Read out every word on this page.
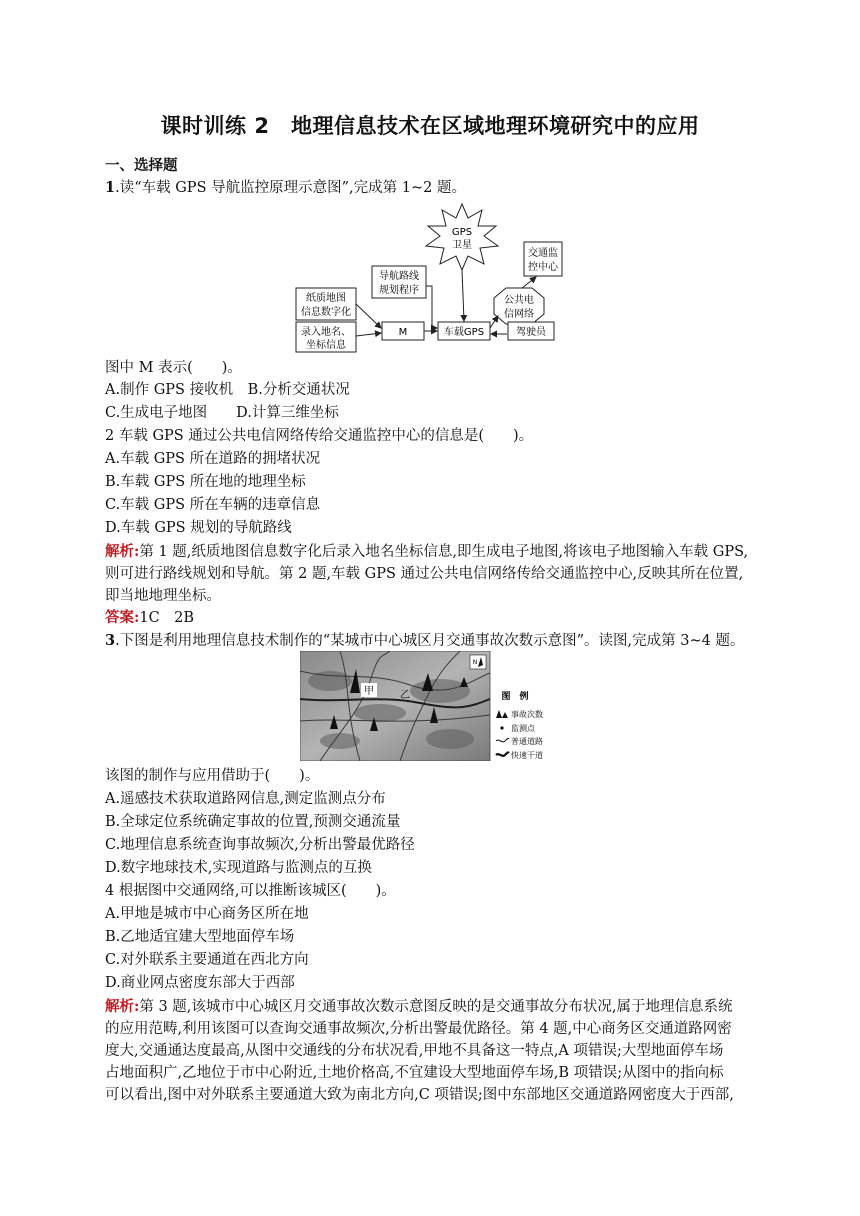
课时训练 2　地理信息技术在区域地理环境研究中的应用
一、选择题
1.读“车载 GPS 导航监控原理示意图”,完成第 1~2 题。
GPS
卫星
交通监
控中心
导航路线
规划程序
纸质地图
信息数字化
录入地名、
坐标信息
M	车载GPS
公共电
信网络
驾驶员
图中 M 表示(　　)。
A.制作 GPS 接收机　B.分析交通状况
C.生成电子地图　　D.计算三维坐标
2 车载 GPS 通过公共电信网络传给交通监控中心的信息是(　　)。
A.车载 GPS 所在道路的拥堵状况
B.车载 GPS 所在地的地理坐标
C.车载 GPS 所在车辆的违章信息
D.车载 GPS 规划的导航路线
解析:第 1 题,纸质地图信息数字化后录入地名坐标信息,即生成电子地图,将该电子地图输入车载 GPS,
则可进行路线规划和导航。第 2 题,车载 GPS 通过公共电信网络传给交通监控中心,反映其所在位置,
即当地地理坐标。
答案:1C　2B
3.下图是利用地理信息技术制作的“某城市中心城区月交通事故次数示意图”。读图,完成第 3~4 题。
甲	乙
N
图　例
事故次数
监测点
普通道路
快速干道
该图的制作与应用借助于(　　)。
A.遥感技术获取道路网信息,测定监测点分布
B.全球定位系统确定事故的位置,预测交通流量
C.地理信息系统查询事故频次,分析出警最优路径
D.数字地球技术,实现道路与监测点的互换
4 根据图中交通网络,可以推断该城区(　　)。
A.甲地是城市中心商务区所在地
B.乙地适宜建大型地面停车场
C.对外联系主要通道在西北方向
D.商业网点密度东部大于西部
解析:第 3 题,该城市中心城区月交通事故次数示意图反映的是交通事故分布状况,属于地理信息系统
的应用范畴,利用该图可以查询交通事故频次,分析出警最优路径。第 4 题,中心商务区交通道路网密
度大,交通通达度最高,从图中交通线的分布状况看,甲地不具备这一特点,A 项错误;大型地面停车场
占地面积广,乙地位于市中心附近,土地价格高,不宜建设大型地面停车场,B 项错误;从图中的指向标
可以看出,图中对外联系主要通道大致为南北方向,C 项错误;图中东部地区交通道路网密度大于西部,
